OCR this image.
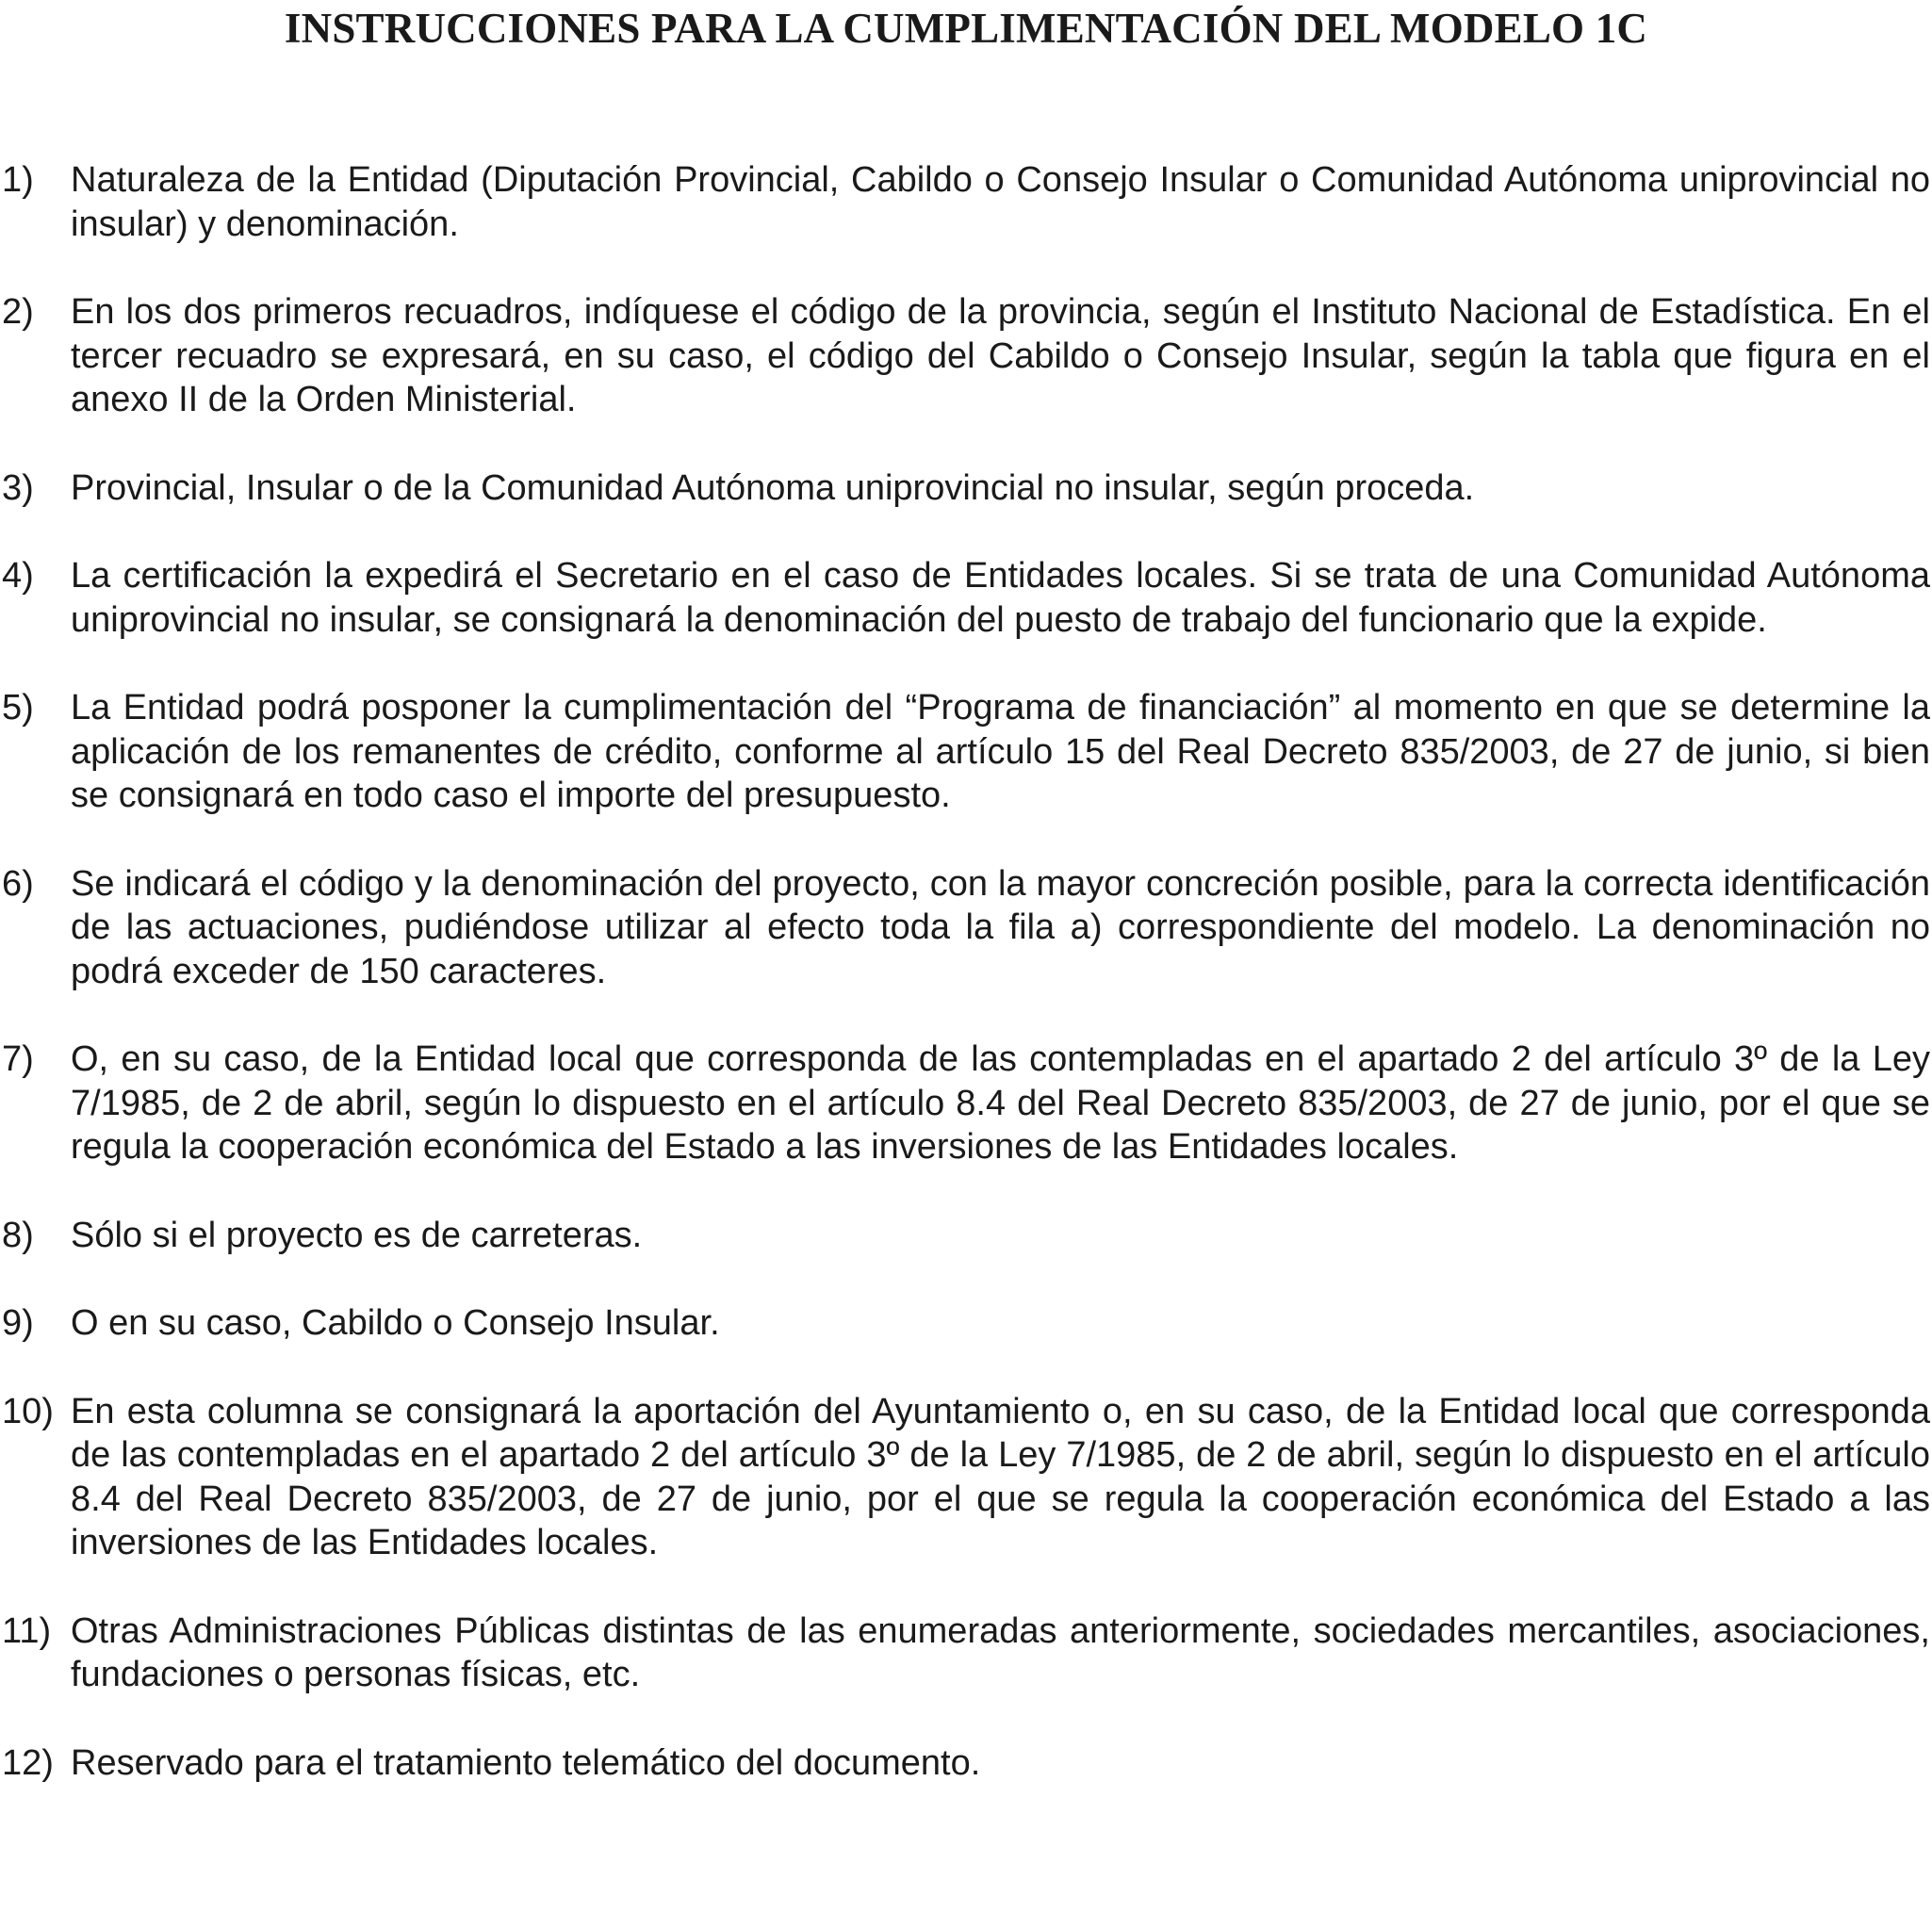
INSTRUCCIONES PARA LA CUMPLIMENTACIÓN DEL MODELO 1C
1) Naturaleza de la Entidad (Diputación Provincial, Cabildo o Consejo Insular o Comunidad Autónoma uniprovincial no insular) y denominación.
2) En los dos primeros recuadros, indíquese el código de la provincia, según el Instituto Nacional de Estadística. En el tercer recuadro se expresará, en su caso, el código del Cabildo o Consejo Insular, según la tabla que figura en el anexo II de la Orden Ministerial.
3) Provincial, Insular o de la Comunidad Autónoma uniprovincial no insular, según proceda.
4) La certificación la expedirá el Secretario en el caso de Entidades locales. Si se trata de una Comunidad Autónoma uniprovincial no insular, se consignará la denominación del puesto de trabajo del funcionario que la expide.
5) La Entidad podrá posponer la cumplimentación del “Programa de financiación” al momento en que se determine la aplicación de los remanentes de crédito, conforme al artículo 15 del Real Decreto 835/2003, de 27 de junio, si bien se consignará en todo caso el importe del presupuesto.
6) Se indicará el código y la denominación del proyecto, con la mayor concreción posible, para la correcta identificación de las actuaciones, pudiéndose utilizar al efecto toda la fila a) correspondiente del modelo. La denominación no podrá exceder de 150 caracteres.
7) O, en su caso, de la Entidad local que corresponda de las contempladas en el apartado 2 del artículo 3º de la Ley 7/1985, de 2 de abril, según lo dispuesto en el artículo 8.4 del Real Decreto 835/2003, de 27 de junio, por el que se regula la cooperación económica del Estado a las inversiones de las Entidades locales.
8) Sólo si el proyecto es de carreteras.
9) O en su caso, Cabildo o Consejo Insular.
10) En esta columna se consignará la aportación del Ayuntamiento o, en su caso, de la Entidad local que corresponda de las contempladas en el apartado 2 del artículo 3º de la Ley 7/1985, de 2 de abril, según lo dispuesto en el artículo 8.4 del Real Decreto 835/2003, de 27 de junio, por el que se regula la cooperación económica del Estado a las inversiones de las Entidades locales.
11) Otras Administraciones Públicas distintas de las enumeradas anteriormente, sociedades mercantiles, asociaciones, fundaciones o personas físicas, etc.
12) Reservado para el tratamiento telemático del documento.
